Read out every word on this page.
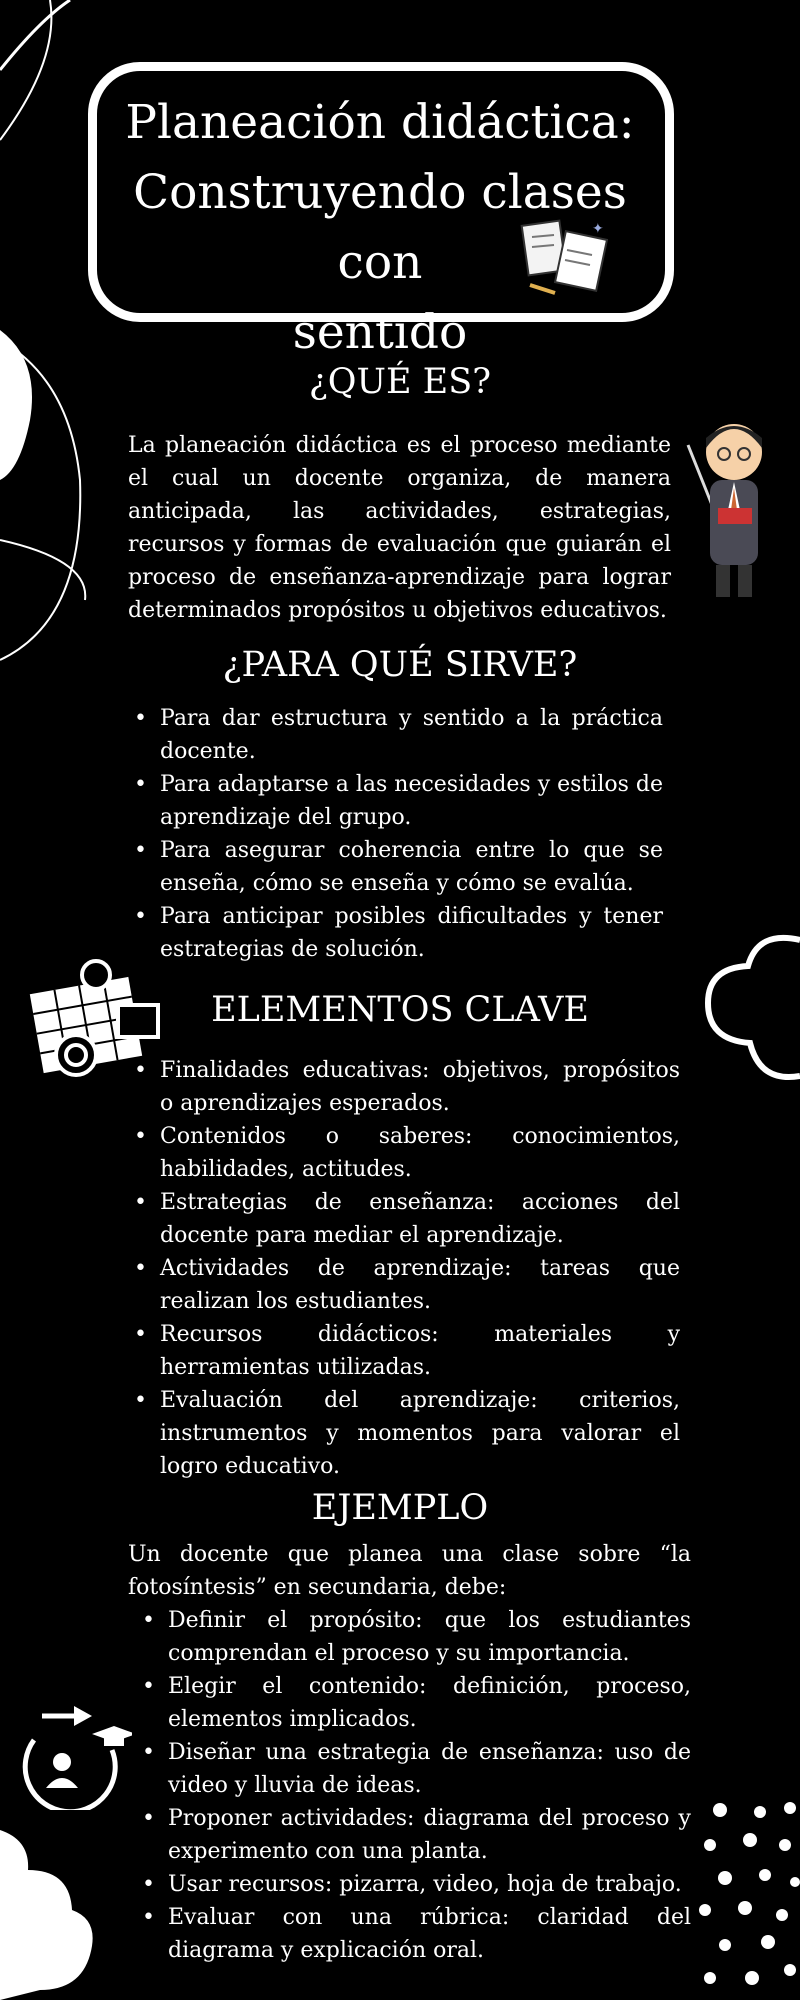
Planeación didáctica:
Construyendo clases con
sentido
✦
¿QUÉ ES?
La planeación didáctica es el proceso mediante el cual un docente organiza, de manera anticipada, las actividades, estrategias, recursos y formas de evaluación que guiarán el proceso de enseñanza-aprendizaje para lograr determinados propósitos u objetivos educativos.
¿PARA QUÉ SIRVE?
• Para dar estructura y sentido a la práctica docente.
• Para adaptarse a las necesidades y estilos de aprendizaje del grupo.
• Para asegurar coherencia entre lo que se enseña, cómo se enseña y cómo se evalúa.
• Para anticipar posibles dificultades y tener estrategias de solución.
ELEMENTOS CLAVE
• Finalidades educativas: objetivos, propósitos o aprendizajes esperados.
• Contenidos o saberes: conocimientos, habilidades, actitudes.
• Estrategias de enseñanza: acciones del docente para mediar el aprendizaje.
• Actividades de aprendizaje: tareas que realizan los estudiantes.
• Recursos didácticos: materiales y herramientas utilizadas.
• Evaluación del aprendizaje: criterios, instrumentos y momentos para valorar el logro educativo.
EJEMPLO
Un docente que planea una clase sobre “la fotosíntesis” en secundaria, debe:
• Definir el propósito: que los estudiantes comprendan el proceso y su importancia.
• Elegir el contenido: definición, proceso, elementos implicados.
• Diseñar una estrategia de enseñanza: uso de video y lluvia de ideas.
• Proponer actividades: diagrama del proceso y experimento con una planta.
• Usar recursos: pizarra, video, hoja de trabajo.
• Evaluar con una rúbrica: claridad del diagrama y explicación oral.
